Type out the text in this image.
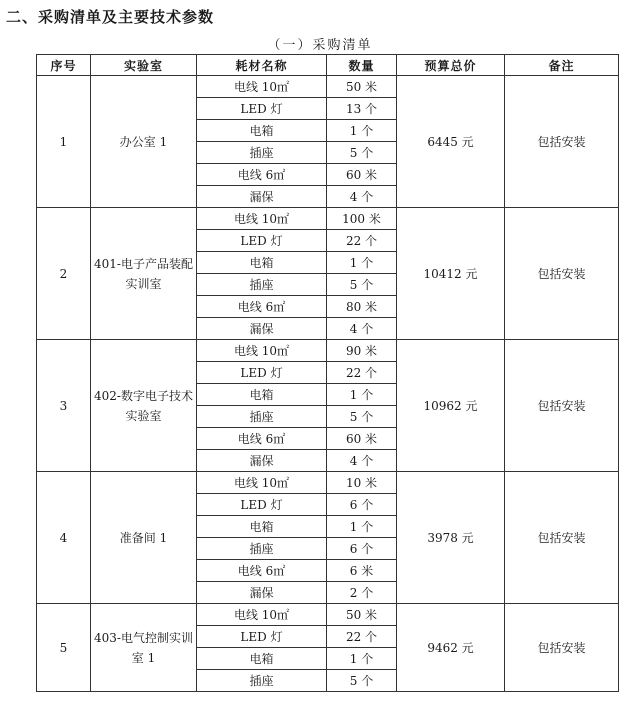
二、采购清单及主要技术参数
（一）采购清单
序号	实验室	耗材名称	数量	预算总价	备注
1	办公室 1	电线 10㎡	50 米	6445 元	包括安装
		LED 灯	13 个		
		电箱	1 个		
		插座	5 个		
		电线 6㎡	60 米		
		漏保	4 个		
2	401-电子产品装配实训室	电线 10㎡	100 米	10412 元	包括安装
		LED 灯	22 个		
		电箱	1 个		
		插座	5 个		
		电线 6㎡	80 米		
		漏保	4 个		
3	402-数字电子技术实验室	电线 10㎡	90 米	10962 元	包括安装
		LED 灯	22 个		
		电箱	1 个		
		插座	5 个		
		电线 6㎡	60 米		
		漏保	4 个		
4	准备间 1	电线 10㎡	10 米	3978 元	包括安装
		LED 灯	6 个		
		电箱	1 个		
		插座	6 个		
		电线 6㎡	6 米		
		漏保	2 个		
5	403-电气控制实训室 1	电线 10㎡	50 米	9462 元	包括安装
		LED 灯	22 个		
		电箱	1 个		
		插座	5 个		
